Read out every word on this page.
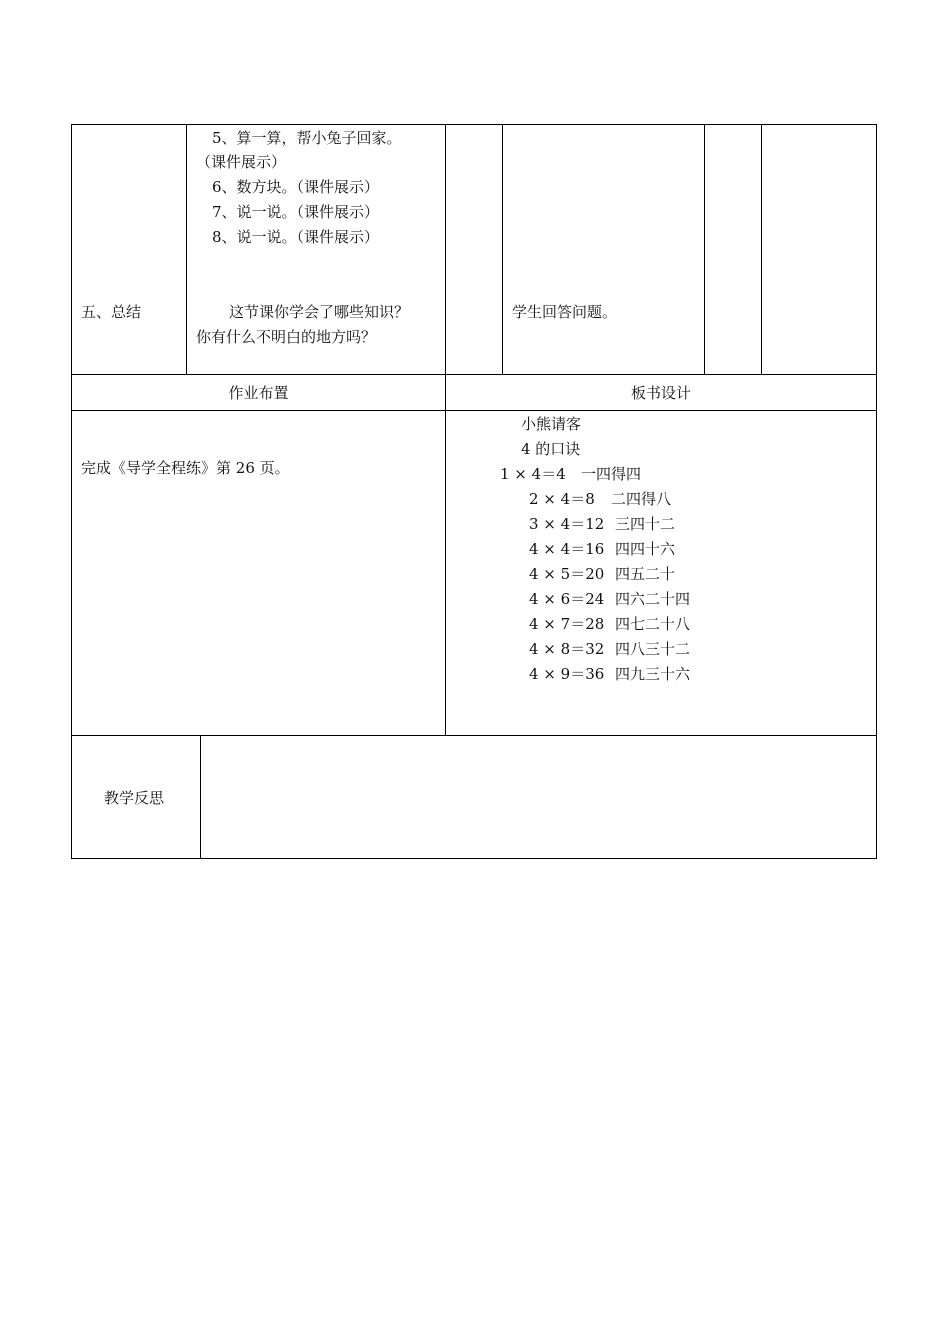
五、总结
5、算一算，帮小兔子回家。
（课件展示）
6、数方块。（课件展示）
7、说一说。（课件展示）
8、说一说。（课件展示）
这节课你学会了哪些知识？
你有什么不明白的地方吗？
学生回答问题。
作业布置	板书设计
完成《导学全程练》第 26 页。
小熊请客
4 的口诀
1 × 4＝4 一四得四
2 × 4＝8 二四得八
3 × 4＝12 三四十二
4 × 4＝16 四四十六
4 × 5＝20 四五二十
4 × 6＝24 四六二十四
4 × 7＝28 四七二十八
4 × 8＝32 四八三十二
4 × 9＝36 四九三十六
教学反思
